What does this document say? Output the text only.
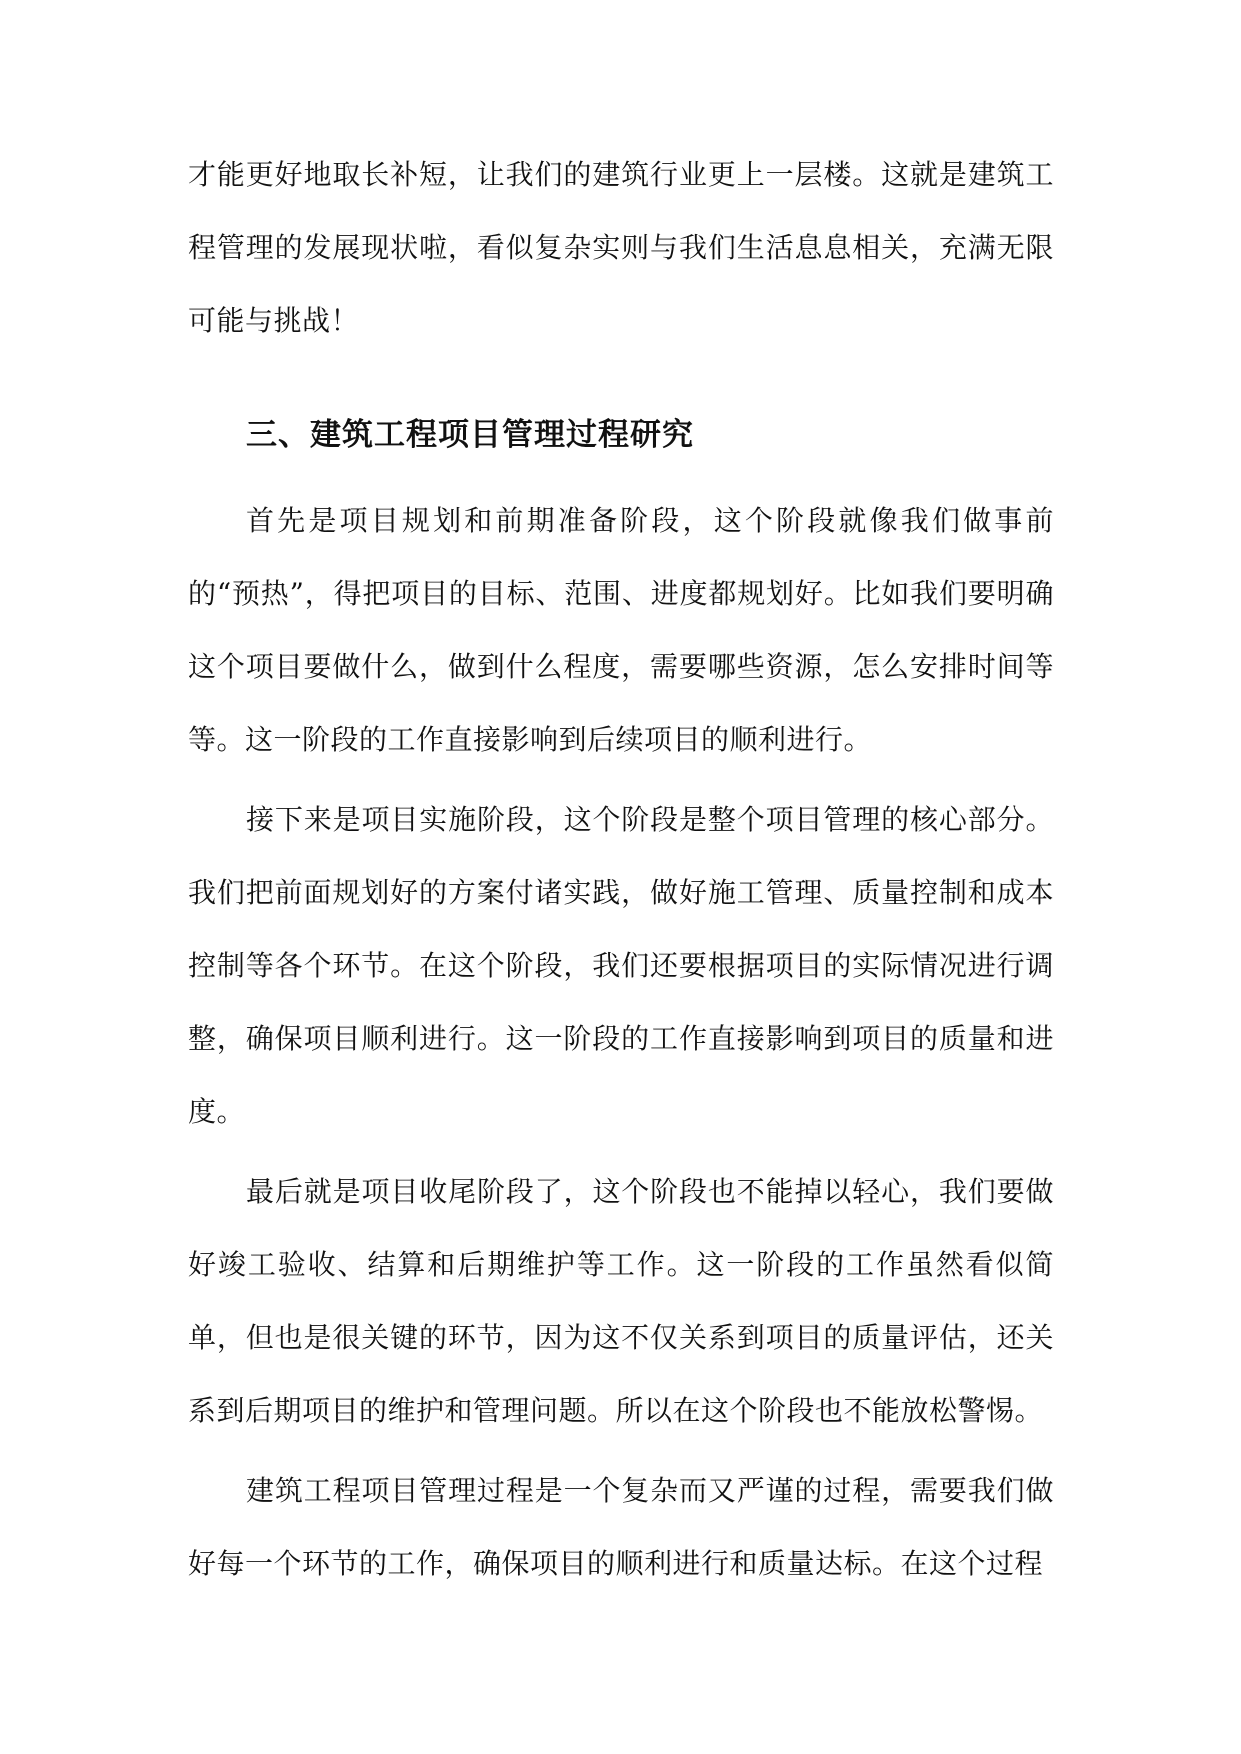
才能更好地取长补短，让我们的建筑行业更上一层楼。这就是建筑工程管理的发展现状啦，看似复杂实则与我们生活息息相关，充满无限可能与挑战！

三、建筑工程项目管理过程研究

首先是项目规划和前期准备阶段，这个阶段就像我们做事前的“预热”，得把项目的目标、范围、进度都规划好。比如我们要明确这个项目要做什么，做到什么程度，需要哪些资源，怎么安排时间等等。这一阶段的工作直接影响到后续项目的顺利进行。

接下来是项目实施阶段，这个阶段是整个项目管理的核心部分。我们把前面规划好的方案付诸实践，做好施工管理、质量控制和成本控制等各个环节。在这个阶段，我们还要根据项目的实际情况进行调整，确保项目顺利进行。这一阶段的工作直接影响到项目的质量和进度。

最后就是项目收尾阶段了，这个阶段也不能掉以轻心，我们要做好竣工验收、结算和后期维护等工作。这一阶段的工作虽然看似简单，但也是很关键的环节，因为这不仅关系到项目的质量评估，还关系到后期项目的维护和管理问题。所以在这个阶段也不能放松警惕。

建筑工程项目管理过程是一个复杂而又严谨的过程，需要我们做好每一个环节的工作，确保项目的顺利进行和质量达标。在这个过程
